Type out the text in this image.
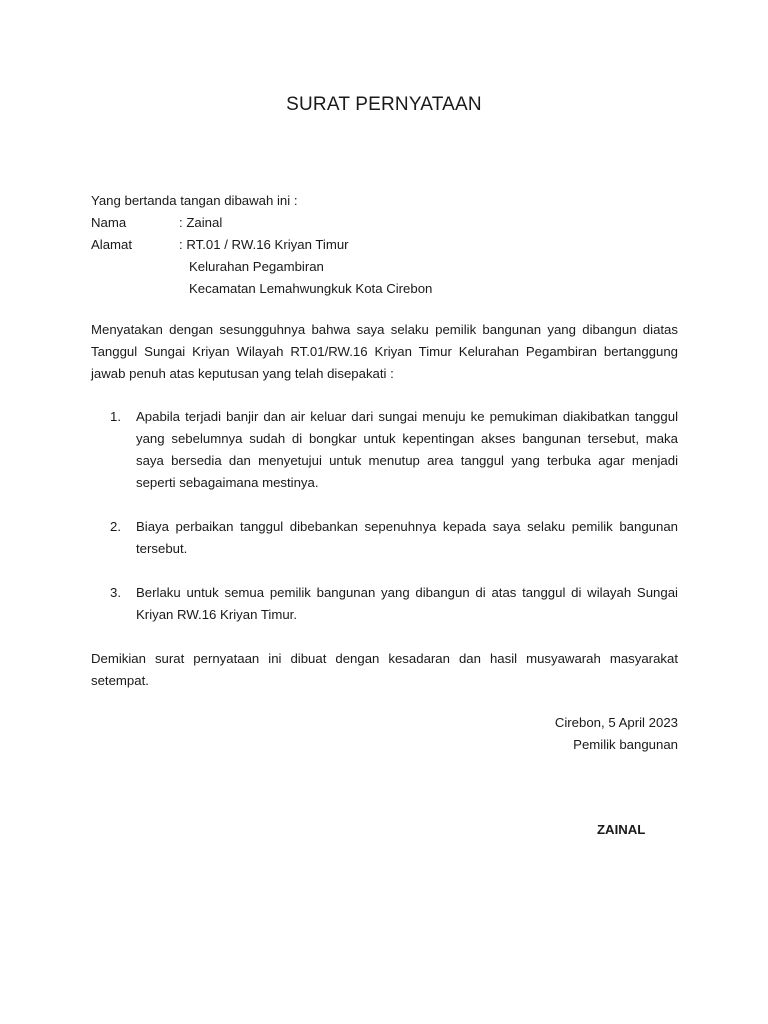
SURAT PERNYATAAN
Yang bertanda tangan dibawah ini :
Nama	: Zainal
Alamat	: RT.01 / RW.16 Kriyan Timur
Kelurahan Pegambiran
Kecamatan Lemahwungkuk Kota Cirebon
Menyatakan dengan sesungguhnya bahwa saya selaku pemilik bangunan yang dibangun diatas Tanggul Sungai Kriyan Wilayah RT.01/RW.16 Kriyan Timur Kelurahan Pegambiran bertanggung jawab penuh atas keputusan yang telah disepakati :
1.	Apabila terjadi banjir dan air keluar dari sungai menuju ke pemukiman diakibatkan tanggul yang sebelumnya sudah di bongkar untuk kepentingan akses bangunan tersebut, maka saya bersedia dan menyetujui untuk menutup area tanggul yang terbuka agar menjadi seperti sebagaimana mestinya.
2.	Biaya perbaikan tanggul dibebankan sepenuhnya kepada saya selaku pemilik bangunan tersebut.
3.	Berlaku untuk semua pemilik bangunan yang dibangun di atas tanggul di wilayah Sungai Kriyan RW.16 Kriyan Timur.
Demikian surat pernyataan ini dibuat dengan kesadaran dan hasil musyawarah masyarakat setempat.
Cirebon, 5 April 2023
Pemilik bangunan
ZAINAL
